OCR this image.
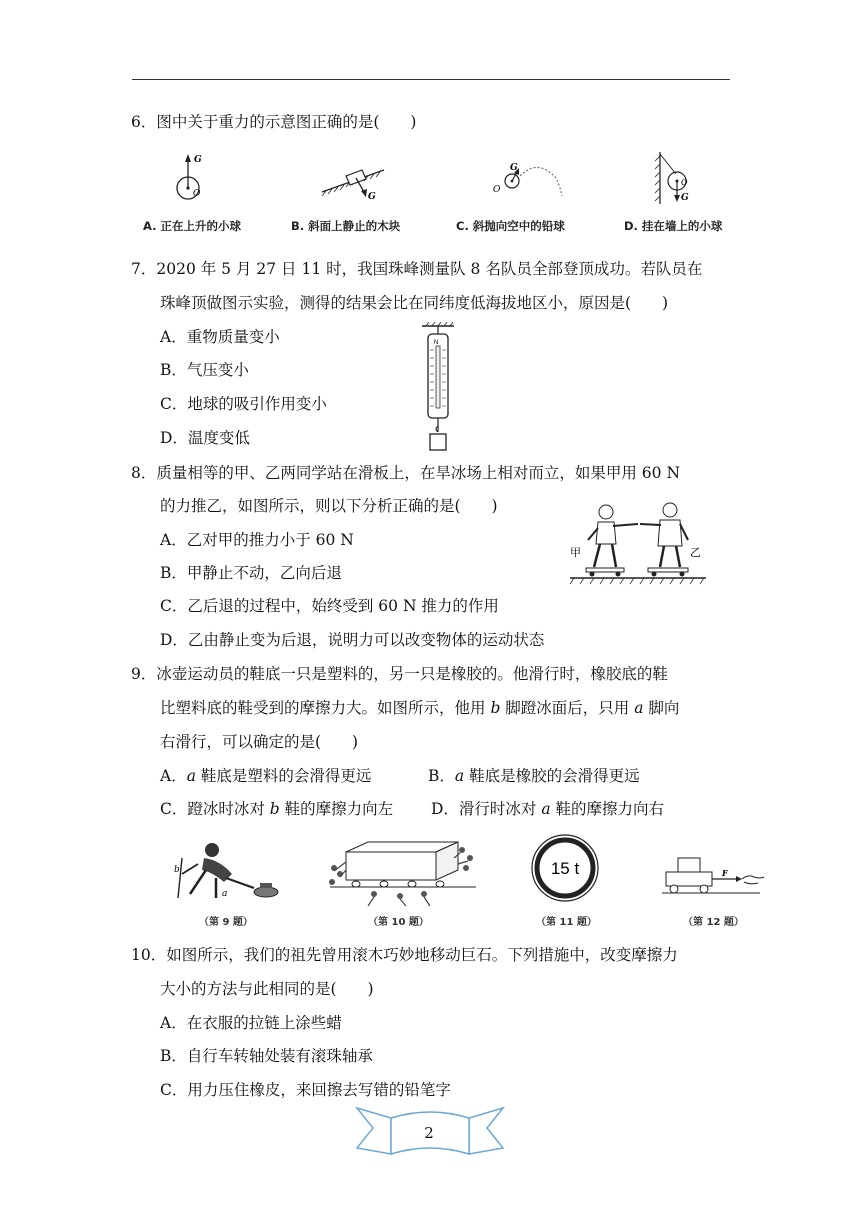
6．图中关于重力的示意图正确的是(　　)
G
O	G
G
O
G
O
A. 正在上升的小球	B. 斜面上静止的木块	C. 斜抛向空中的铅球	D. 挂在墙上的小球
7．2020 年 5 月 27 日 11 时，我国珠峰测量队 8 名队员全部登顶成功。若队员在
珠峰顶做图示实验，测得的结果会比在同纬度低海拔地区小，原因是(　　)
A．重物质量变小
B．气压变小
C．地球的吸引作用变小
D．温度变低
N
8．质量相等的甲、乙两同学站在滑板上，在旱冰场上相对而立，如果甲用 60 N
的力推乙，如图所示，则以下分析正确的是(　　)
A．乙对甲的推力小于 60 N
B．甲静止不动，乙向后退
C．乙后退的过程中，始终受到 60 N 推力的作用
D．乙由静止变为后退，说明力可以改变物体的运动状态
甲	乙
9．冰壶运动员的鞋底一只是塑料的，另一只是橡胶的。他滑行时，橡胶底的鞋
比塑料底的鞋受到的摩擦力大。如图所示，他用 b 脚蹬冰面后，只用 a 脚向
右滑行，可以确定的是(　　)
A．a 鞋底是塑料的会滑得更远	B．a 鞋底是橡胶的会滑得更远
C．蹬冰时冰对 b 鞋的摩擦力向左 D．滑行时冰对 a 鞋的摩擦力向右
b
a
15 t	F
（第 9 题）	（第 10 题）	（第 11 题）	（第 12 题）
10．如图所示，我们的祖先曾用滚木巧妙地移动巨石。下列措施中，改变摩擦力
大小的方法与此相同的是(　　)
A．在衣服的拉链上涂些蜡
B．自行车转轴处装有滚珠轴承
C．用力压住橡皮，来回擦去写错的铅笔字
2
